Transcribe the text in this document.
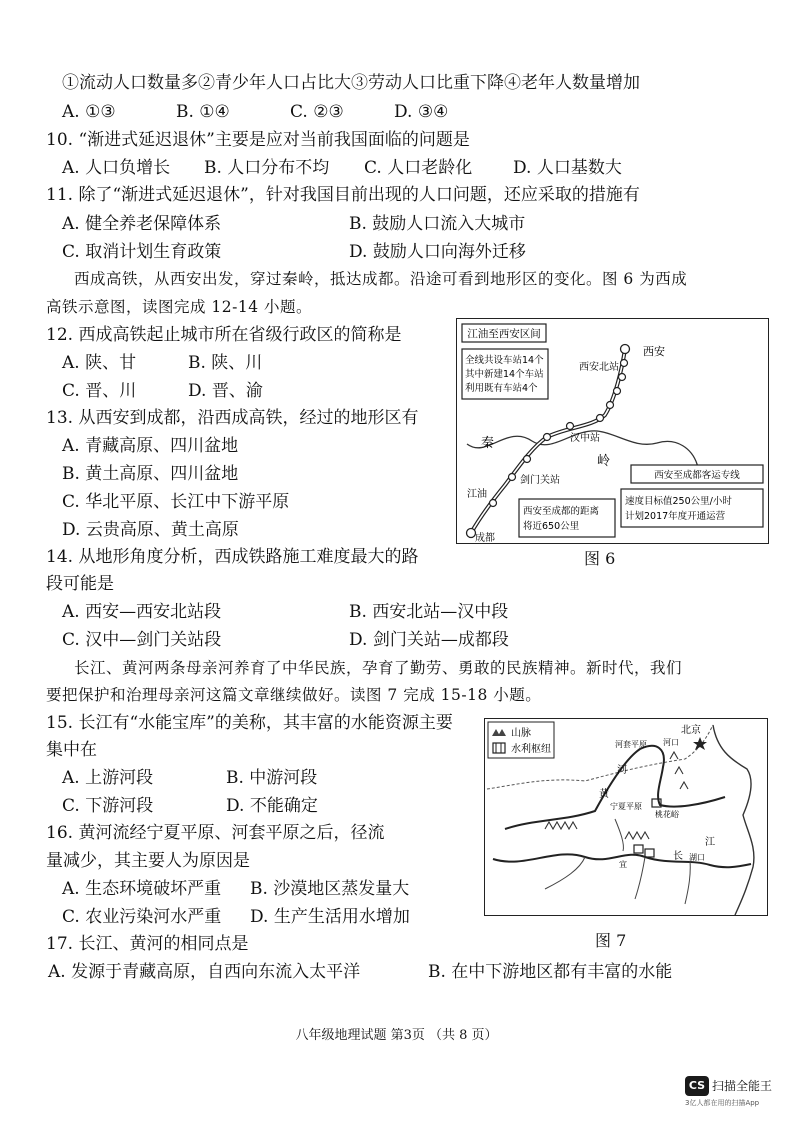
①流动人口数量多②青少年人口占比大③劳动人口比重下降④老年人数量增加
A. ①③	B. ①④	C. ②③	D. ③④
10. “渐进式延迟退休”主要是应对当前我国面临的问题是
A. 人口负增长 B. 人口分布不均 C. 人口老龄化 D. 人口基数大
11. 除了“渐进式延迟退休”，针对我国目前出现的人口问题，还应采取的措施有
A. 健全养老保障体系	B. 鼓励人口流入大城市
C. 取消计划生育政策	D. 鼓励人口向海外迁移
西成高铁，从西安出发，穿过秦岭，抵达成都。沿途可看到地形区的变化。图 6 为西成
高铁示意图，读图完成 12-14 小题。
12. 西成高铁起止城市所在省级行政区的简称是
A. 陕、甘	B. 陕、川
C. 晋、川	D. 晋、渝
13. 从西安到成都，沿西成高铁，经过的地形区有
A. 青藏高原、四川盆地
B. 黄土高原、四川盆地
C. 华北平原、长江中下游平原
D. 云贵高原、黄土高原
14. 从地形角度分析，西成铁路施工难度最大的路
段可能是
A. 西安—西安北站段	B. 西安北站—汉中段
C. 汉中—剑门关站段	D. 剑门关站—成都段
长江、黄河两条母亲河养育了中华民族，孕育了勤劳、勇敢的民族精神。新时代，我们
要把保护和治理母亲河这篇文章继续做好。读图 7 完成 15-18 小题。
15. 长江有“水能宝库”的美称，其丰富的水能资源主要
集中在
A. 上游河段	B. 中游河段
C. 下游河段	D. 不能确定
16. 黄河流经宁夏平原、河套平原之后，径流
量减少，其主要人为原因是
A. 生态环境破坏严重 B. 沙漠地区蒸发量大
C. 农业污染河水严重 D. 生产生活用水增加
17. 长江、黄河的相同点是
A. 发源于青藏高原，自西向东流入太平洋	B. 在中下游地区都有丰富的水能
江油至西安区间
全线共设车站14个
其中新建14个车站
利用既有车站4个
秦
岭
西安
西安北站
汉中站
剑门关站
江油
成都
西安至成都的距离
将近650公里
西安至成都客运专线
速度目标值250公里/小时
计划2017年度开通运营
图 6
山脉
水利枢纽
北京
河套平原 河口
河
宁夏平原
黄
桃花峪
江
长 湖口
宜
图 7
八年级地理试题 第3页 （共 8 页）
CS 扫描全能王
3亿人都在用的扫描App
